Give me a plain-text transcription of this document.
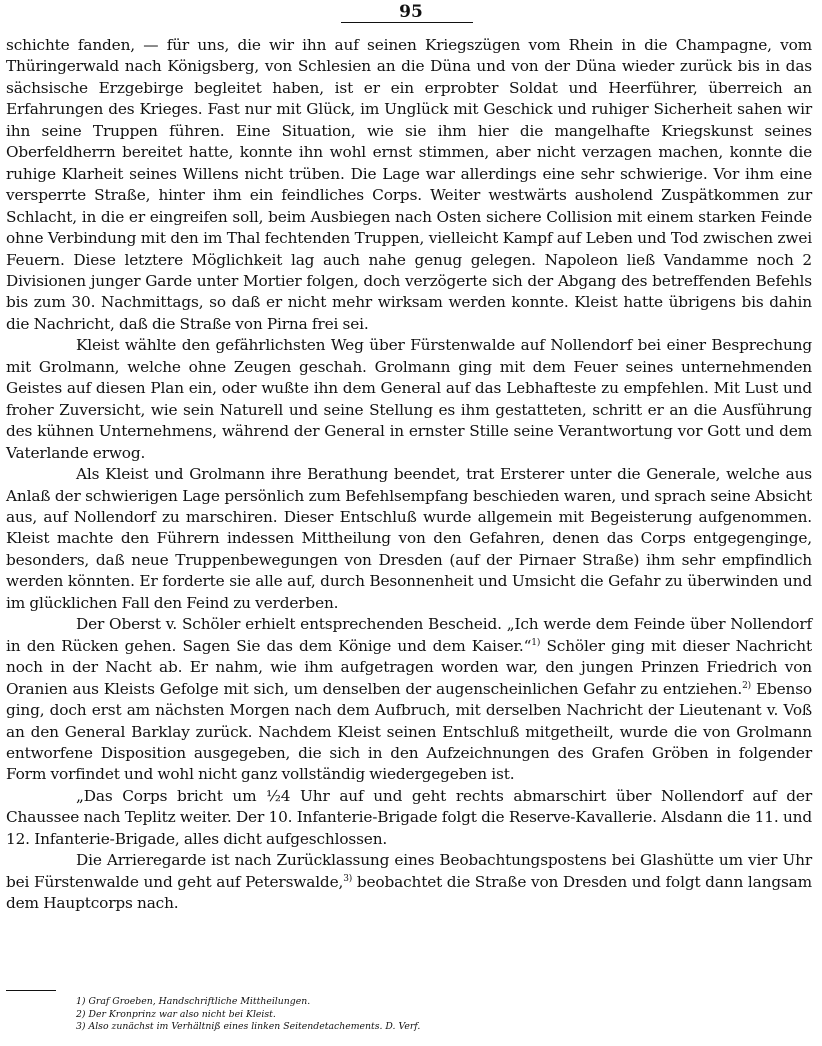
95

schichte fanden, — für uns, die wir ihn auf seinen Kriegszügen vom Rhein in die Champagne, vom Thüringerwald nach Königsberg, von Schlesien an die Düna und von der Düna wieder zurück bis in das sächsische Erzgebirge begleitet haben, ist er ein erprobter Soldat und Heerführer, überreich an Erfahrungen des Krieges. Fast nur mit Glück, im Unglück mit Geschick und ruhiger Sicherheit sahen wir ihn seine Truppen führen. Eine Situation, wie sie ihm hier die mangelhafte Kriegskunst seines Oberfeldherrn bereitet hatte, konnte ihn wohl ernst stimmen, aber nicht verzagen machen, konnte die ruhige Klarheit seines Willens nicht trüben. Die Lage war allerdings eine sehr schwierige. Vor ihm eine versperrte Straße, hinter ihm ein feindliches Corps. Weiter westwärts ausholend Zuspätkommen zur Schlacht, in die er eingreifen soll, beim Ausbiegen nach Osten sichere Collision mit einem starken Feinde ohne Verbindung mit den im Thal fechtenden Truppen, vielleicht Kampf auf Leben und Tod zwischen zwei Feuern. Diese letztere Möglichkeit lag auch nahe genug gelegen. Napoleon ließ Vandamme noch 2 Divisionen junger Garde unter Mortier folgen, doch verzögerte sich der Abgang des betreffenden Befehls bis zum 30. Nachmittags, so daß er nicht mehr wirksam werden konnte. Kleist hatte übrigens bis dahin die Nachricht, daß die Straße von Pirna frei sei.

Kleist wählte den gefährlichsten Weg über Fürstenwalde auf Nollendorf bei einer Besprechung mit Grolmann, welche ohne Zeugen geschah. Grolmann ging mit dem Feuer seines unternehmenden Geistes auf diesen Plan ein, oder wußte ihn dem General auf das Lebhafteste zu empfehlen. Mit Lust und froher Zuversicht, wie sein Naturell und seine Stellung es ihm gestatteten, schritt er an die Ausführung des kühnen Unternehmens, während der General in ernster Stille seine Verantwortung vor Gott und dem Vaterlande erwog.

Als Kleist und Grolmann ihre Berathung beendet, trat Ersterer unter die Generale, welche aus Anlaß der schwierigen Lage persönlich zum Befehlsempfang beschieden waren, und sprach seine Absicht aus, auf Nollendorf zu marschiren. Dieser Entschluß wurde allgemein mit Begeisterung aufgenommen. Kleist machte den Führern indessen Mittheilung von den Gefahren, denen das Corps entgegenginge, besonders, daß neue Truppenbewegungen von Dresden (auf der Pirnaer Straße) ihm sehr empfindlich werden könnten. Er forderte sie alle auf, durch Besonnenheit und Umsicht die Gefahr zu überwinden und im glücklichen Fall den Feind zu verderben.

Der Oberst v. Schöler erhielt entsprechenden Bescheid. „Ich werde dem Feinde über Nollendorf in den Rücken gehen. Sagen Sie das dem Könige und dem Kaiser.“$^{1)}$ Schöler ging mit dieser Nachricht noch in der Nacht ab. Er nahm, wie ihm aufgetragen worden war, den jungen Prinzen Friedrich von Oranien aus Kleists Gefolge mit sich, um denselben der augenscheinlichen Gefahr zu entziehen.$^{2)}$ Ebenso ging, doch erst am nächsten Morgen nach dem Aufbruch, mit derselben Nachricht der Lieutenant v. Voß an den General Barklay zurück. Nachdem Kleist seinen Entschluß mitgetheilt, wurde die von Grolmann entworfene Disposition ausgegeben, die sich in den Aufzeichnungen des Grafen Gröben in folgender Form vorfindet und wohl nicht ganz vollständig wiedergegeben ist.

„Das Corps bricht um ½4 Uhr auf und geht rechts abmarschirt über Nollendorf auf der Chaussee nach Teplitz weiter. Der 10. Infanterie-Brigade folgt die Reserve-Kavallerie. Alsdann die 11. und 12. Infanterie-Brigade, alles dicht aufgeschlossen.

Die Arrieregarde ist nach Zurücklassung eines Beobachtungspostens bei Glashütte um vier Uhr bei Fürstenwalde und geht auf Peterswalde,$^{3)}$ beobachtet die Straße von Dresden und folgt dann langsam dem Hauptcorps nach.

1) Graf Groeben, Handschriftliche Mittheilungen.
2) Der Kronprinz war also nicht bei Kleist.
3) Also zunächst im Verhältniß eines linken Seitendetachements. D. Verf.
